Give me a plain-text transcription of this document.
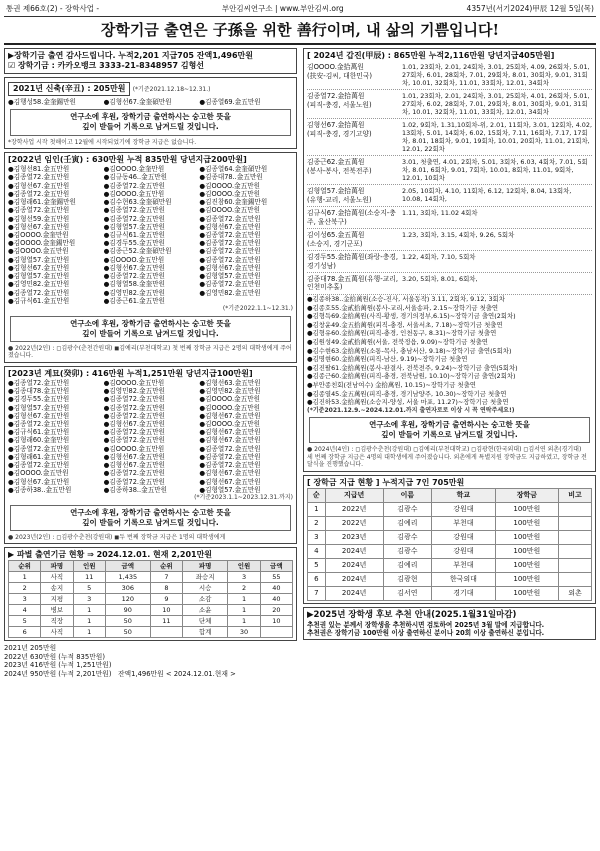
통권 제66호(2) - 장학사업 -	부안김씨연구소 | www.부안김씨.org	4357년(서기2024)甲辰 12월 5일(목)
장학기금 출연은 子孫을 위한 善行이며, 내 삶의 기쁨입니다!
▶장학기금 출연 감사드립니다. 누적2,201 지급705 잔액1,496만원
☑ 장학기금 : 카카오뱅크 3333-21-8348957 김형선
2021년 신축(辛丑) : 205만원 (*기준2021.12.18~12.31.)
●김행성58.金奎錫만원	●김형선67.金奎碩만원	●김종열69.金五만원
연구소에 후원, 장학기금 출연하시는 숭고한 뜻을
깊이 받들어 기록으로 남겨드릴 것입니다.
*장학사업 시작 첫해이고 12월에 시작되었기에 장학금 지급은 없습니다.
[2022년 임인(壬寅) : 630만원 누적 835만원 당년지급200만원]
●김형선81.金五만원	●김OOOO.金奎만원	●김종열64.金奎碩만원
●김종열72.金五만원	●김규동46..金五만원	●김종대78..金五만원
●김형선67.金五만원	●김종열72.金五만원	●김OOOO.金五만원
●김종열72.金五만원	●김OOOO.金五만원	●김OOOO.金五만원
●김형래61.金奎錫만원	●김수현63.金奎碩만원	●김진참60.金奎錫만원
●김종열72.金五만원	●김종열72.金五만원	●김OOOO.金五만원
●김형선59.金五만원	●김종열72.金五만원	●김종열72.金五만원
●김형선67.金五만원	●김형열57.金五만원	●김형선67.金五만원
●김OOOO.金奎만원	●김규식61.金五만원	●김종열72.金五만원
●김OOOO.金奎錫만원	●김경두55.金五만원	●김종열72.金五만원
●김OOOO.金五만원	●김종근52.金奎碩만원	●김종열72.金五만원
●김형열57.金五만원	●김OOOO.金五만원	●김종열72.金五만원
●김형선67.金五만원	●김형선67.金五만원	●김형선67.金五만원
●김형열57.金五만원	●김종열72.金五만원	●김형열57.金五만원
●김영민82.金五만원	●김형열58.金奎만원	●김종열72.金五만원
●김종열72.金五만원	●김영민82.金五만원	●김영민82.金五만원
●김규식61.金五만원	●김종근61.金五만원
(*기준2022.1.1~12.31.)
연구소에 후원, 장학기금 출연하시는 숭고한 뜻을
깊이 받들어 기록으로 남겨드릴 것입니다.
● 2022년(2인) : ◻김광수(춘천간원대) ◼김예리(부천대학교) 첫 번째 장학금 지급은 2명의 대학생에게 주어졌습니다.
[2023년 계묘(癸卯) : 416만원 누적1,251만원 당년지급100만원]
●김종열72.金五만원	●김OOOO.金五만원	●김형선63.金五만원
●김종대78.金五만원	●김영민82.金五만원	●김영민82.金五만원
●김경두55.金五만원	●김종열72.金五만원	●김OOOO.金五만원
●김형열57.金五만원	●김종열72.金五만원	●김OOOO.金五만원
●김형선67.金五만원	●김종열72.金五만원	●김형선67.金五만원
●김종열72.金五만원	●김형선67.金五만원	●김OOOO.金五만원
●김규식61.金五만원	●김종열72.金五만원	●김형선67.金五만원
●김형래60.金奎만원	●김종열72.金五만원	●김형선67.金五만원
●김종열72.金五만원	●김OOOO.金五만원	●김종열72.金五만원
●김형래61.金五만원	●김형선67.金五만원	●김종열72.金五만원
●김종열72.金五만원	●김형선67.金五만원	●김종열72.金五만원
●김OOOO.金五만원	●김종열72.金五만원	●김형선67.金五만원
●김형선67.金五만원	●김종열72.金五만원	●김형선67.金五만원
●김종하38..金五만원	●김종하38..金五만원	●김형열57.金五만원
(*기준2023.1.1~2023.12.31.까지)
연구소에 후원, 장학기금 출연하시는 숭고한 뜻을
깊이 받들어 기록으로 남겨드릴 것입니다.
● 2023년(2인) : ◻김광수춘천(강원대) ◼두 번째 장학금 지급은 1명의 대학생에게
▶ 파별 출연기금 현황 ⇒ 2024.12.01. 현재 2,201만원
순위	파명	인원	금액	순위	파명	인원	금액
1	사직	11	1,435	7	좌승지	3	55
2	송지	5	306	8	시승	2	40
3	지평	3	120	9	소감	1	40
4	병보	1	90	10	소윤	1	20
5	직장	1	50	11	단체	1	10
6	사직	1	50		합계	30	
2021년 205만원
2022년 630만원 (누적 835만원)
2023년 416만원 (누적 1,251만원)
2024년 950만원 (누적 2,201만원) 잔액1,496만원 < 2024.12.01.현재 >
[ 2024년 갑진(甲辰) : 865만원 누적2,116만원 당년지급405만원]
김OOOO.金拾萬원
(扶安-김씨, 대한민국)
1.01, 23회차, 2.01, 24회차, 3.01, 25회차, 4.09, 26회차, 5.01, 27회차, 6.01, 28회차, 7.01, 29회차, 8.01, 30회차, 9.01, 31회차, 10.01, 32회차, 11.01, 33회차, 12.01, 34회차
김종열72.金拾萬원
(피직-충경, 서울노원)
1.01, 23회차, 2.01, 24회차, 3.01, 25회차, 4.01, 26회차, 5.01, 27회차, 6.02, 28회차, 7.01, 29회차, 8.01, 30회차, 9.01, 31회차, 10.01, 32회차, 11.01, 33회차, 12.01, 34회차
김형선67.金拾萬원
(피직-충경, 경기고양)
1.02, 9회차, 1.31,10회차-위, 2.01, 11회차, 3.01, 12회차, 4.02, 13회차, 5.01, 14회차, 6.02, 15회차, 7.11, 16회차, 7.17, 17회차, 8.01, 18회차, 9.01, 19회차, 10.01, 20회차, 11.01, 21회차, 12.01, 22회차
김종근62.金五萬원
(봉사-봉사, 전북전주)
3.01, 첫출연, 4.01, 2회차, 5.01, 3회차, 6.03, 4회차, 7.01, 5회차, 8.01, 6회차, 9.01, 7회차, 10.01, 8회차, 11.01, 9회차, 12.01, 10회차
김형열57.金拾萬원
(유행-교리, 서울노원)
2.05, 10회차, 4.10, 11회차, 6.12, 12회차, 8.04, 13회차, 10.08, 14회차,
김규식67.金拾萬원(소승지-충주, 울산북구)
1.11, 3회차, 11.02 4회차
김이성65.金五萬원
(소승지, 경기군포)
1.23, 3회차, 3.15, 4회차, 9.26, 5회차
김경두55.金拾萬원(좌랑-충경, 경기성남)
1.22, 4회차, 7.10, 5회차
김종대78.金五萬원(유행-교리, 인천미추홀)
3.20, 5회차, 8.01, 6회차,
●김종하38..金拾萬원(소승-진사, 서울동작) 3.11, 2회차, 9.12, 3회차
●김종호55.金貳拾萬원(봉사-교리,서울송파, 2.15~장학기금 첫출연
●김형득69.金拾萬원(사직-황생, 경기의정부,6.15)~장학기금 출연(2회차)
●김창윤49.金五拾萬원(피직-충경, 서울서초, 7.18)~장학기금 첫출연
●김형유60.金拾萬원(피직-충경, 인천동구, 8.31)~장학기금 첫출연
●김원성49.金貳拾萬원(서울, 전북정읍, 9.09)~장학기금 첫출연
●김수현63.金拾萬원(소통-목사, 충남서산, 9.18)~장학기금 출연(5회차)
●김명현60.金拾萬원(피직-남산, 9.19)~장학기금 첫출연
●김진팔61.金拾萬원(봉사-판결사, 전북전주, 9.24)~장학기금 출연(5회차)
●김종근60.金拾萬원(피직-충경, 전북남원, 10.10)~장학기금 출연(2회차)
●부안종친회(전남여수) 金拾萬원, 10.15)~장학기금 첫출연
●김종열45.金五萬원(피직-충경, 경기남양주, 10.30)~장학기금 첫출연
●김진하53.金拾萬원(소승지-양성, 서울 마포, 11.27)~장학기금 첫출연
(*기준2021.12.9.~2024.12.01.까지 출연자로로 이상 시 꼭 연락주세요!)
연구소에 후원, 장학기금 출연하시는 숭고한 뜻을
깊이 받들어 기록으로 남겨드릴 것입니다.
● 2024년(4인) : ◻김광수춘천(강원대) ◻김예리(부천대학교) ◻김광현(한국외대) ◻김서연 외촌(경기대)
세 번째 장학금 지급은 4명의 대학생에게 주어졌습니다. 외촌에게 특별지원 장학금도 지급하였고, 장학금 전달식을 진행했습니다.
[ 장학금 지급 현황 ] 누적지급 7인 705만원
순	지급년	이름	학교	장학금	비고
1	2022년	김광수	강원대	100만원	
2	2022년	김예리	부천대	100만원	
3	2023년	김광수	강원대	100만원	
4	2024년	김광수	강원대	100만원	
5	2024년	김예리	부천대	100만원	
6	2024년	김광현	한국외대	100만원	
7	2024년	김서연	경기대	100만원	외촌
▶2025년 장학생 후보 추천 안내(2025.1월31일마감)
추천권 있는 분께서 장학생을 추천하시면 검토하여 2025년 3월 말에 지급합니다.
추천권은 장학기금 100만원 이상 출연하신 분이나 20회 이상 출연하신 분입니다.
